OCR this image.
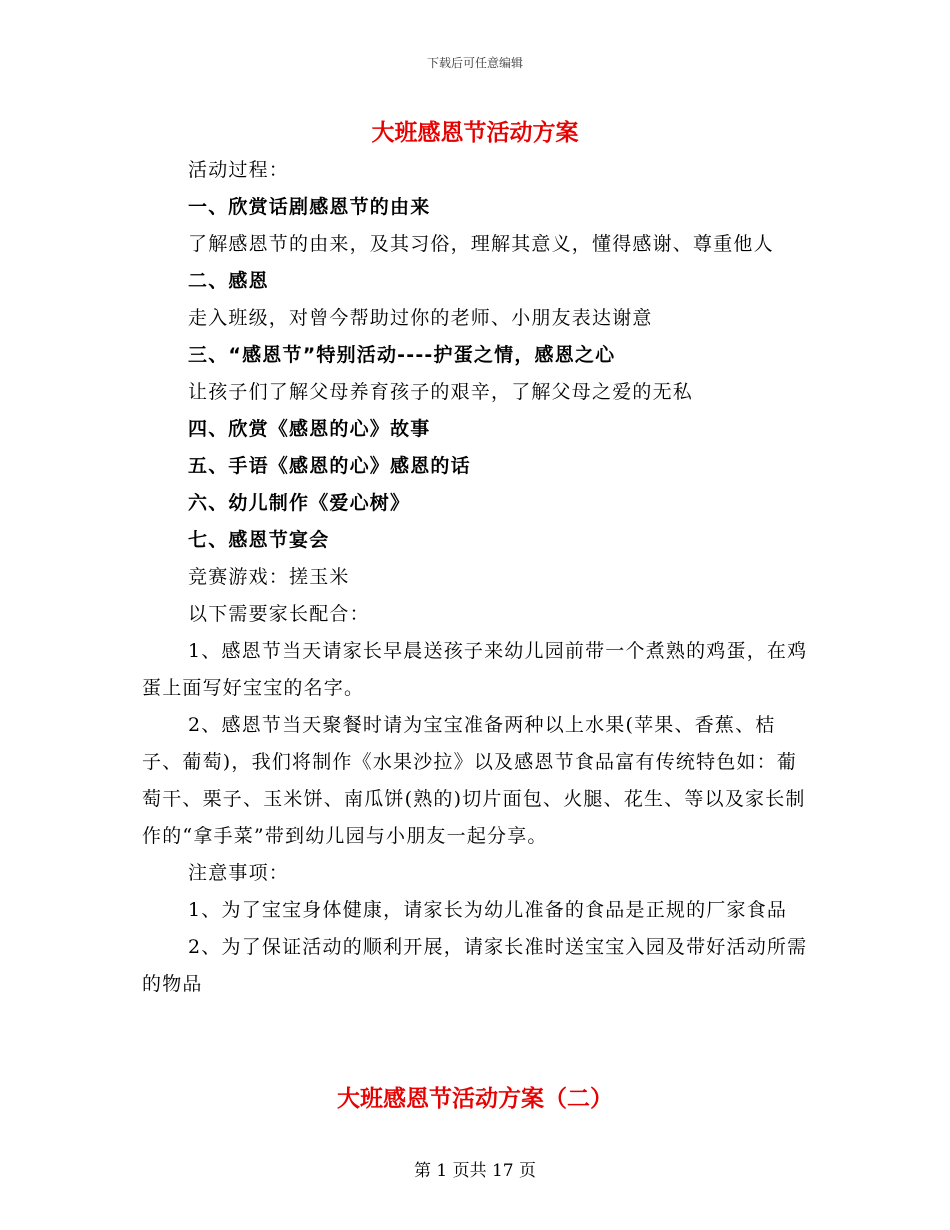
下载后可任意编辑
大班感恩节活动方案

活动过程：

一、欣赏话剧感恩节的由来

了解感恩节的由来，及其习俗，理解其意义，懂得感谢、尊重他人

二、感恩

走入班级，对曾今帮助过你的老师、小朋友表达谢意

三、“感恩节”特别活动----护蛋之情，感恩之心

让孩子们了解父母养育孩子的艰辛，了解父母之爱的无私

四、欣赏《感恩的心》故事

五、手语《感恩的心》感恩的话

六、幼儿制作《爱心树》

七、感恩节宴会

竞赛游戏：搓玉米

以下需要家长配合：

1、感恩节当天请家长早晨送孩子来幼儿园前带一个煮熟的鸡蛋，在鸡蛋上面写好宝宝的名字。

2、感恩节当天聚餐时请为宝宝准备两种以上水果(苹果、香蕉、桔子、葡萄)，我们将制作《水果沙拉》以及感恩节食品富有传统特色如：葡萄干、栗子、玉米饼、南瓜饼(熟的)切片面包、火腿、花生、等以及家长制作的“拿手菜”带到幼儿园与小朋友一起分享。

注意事项：

1、为了宝宝身体健康，请家长为幼儿准备的食品是正规的厂家食品

2、为了保证活动的顺利开展，请家长准时送宝宝入园及带好活动所需的物品

大班感恩节活动方案（二）
第 1 页共 17 页
